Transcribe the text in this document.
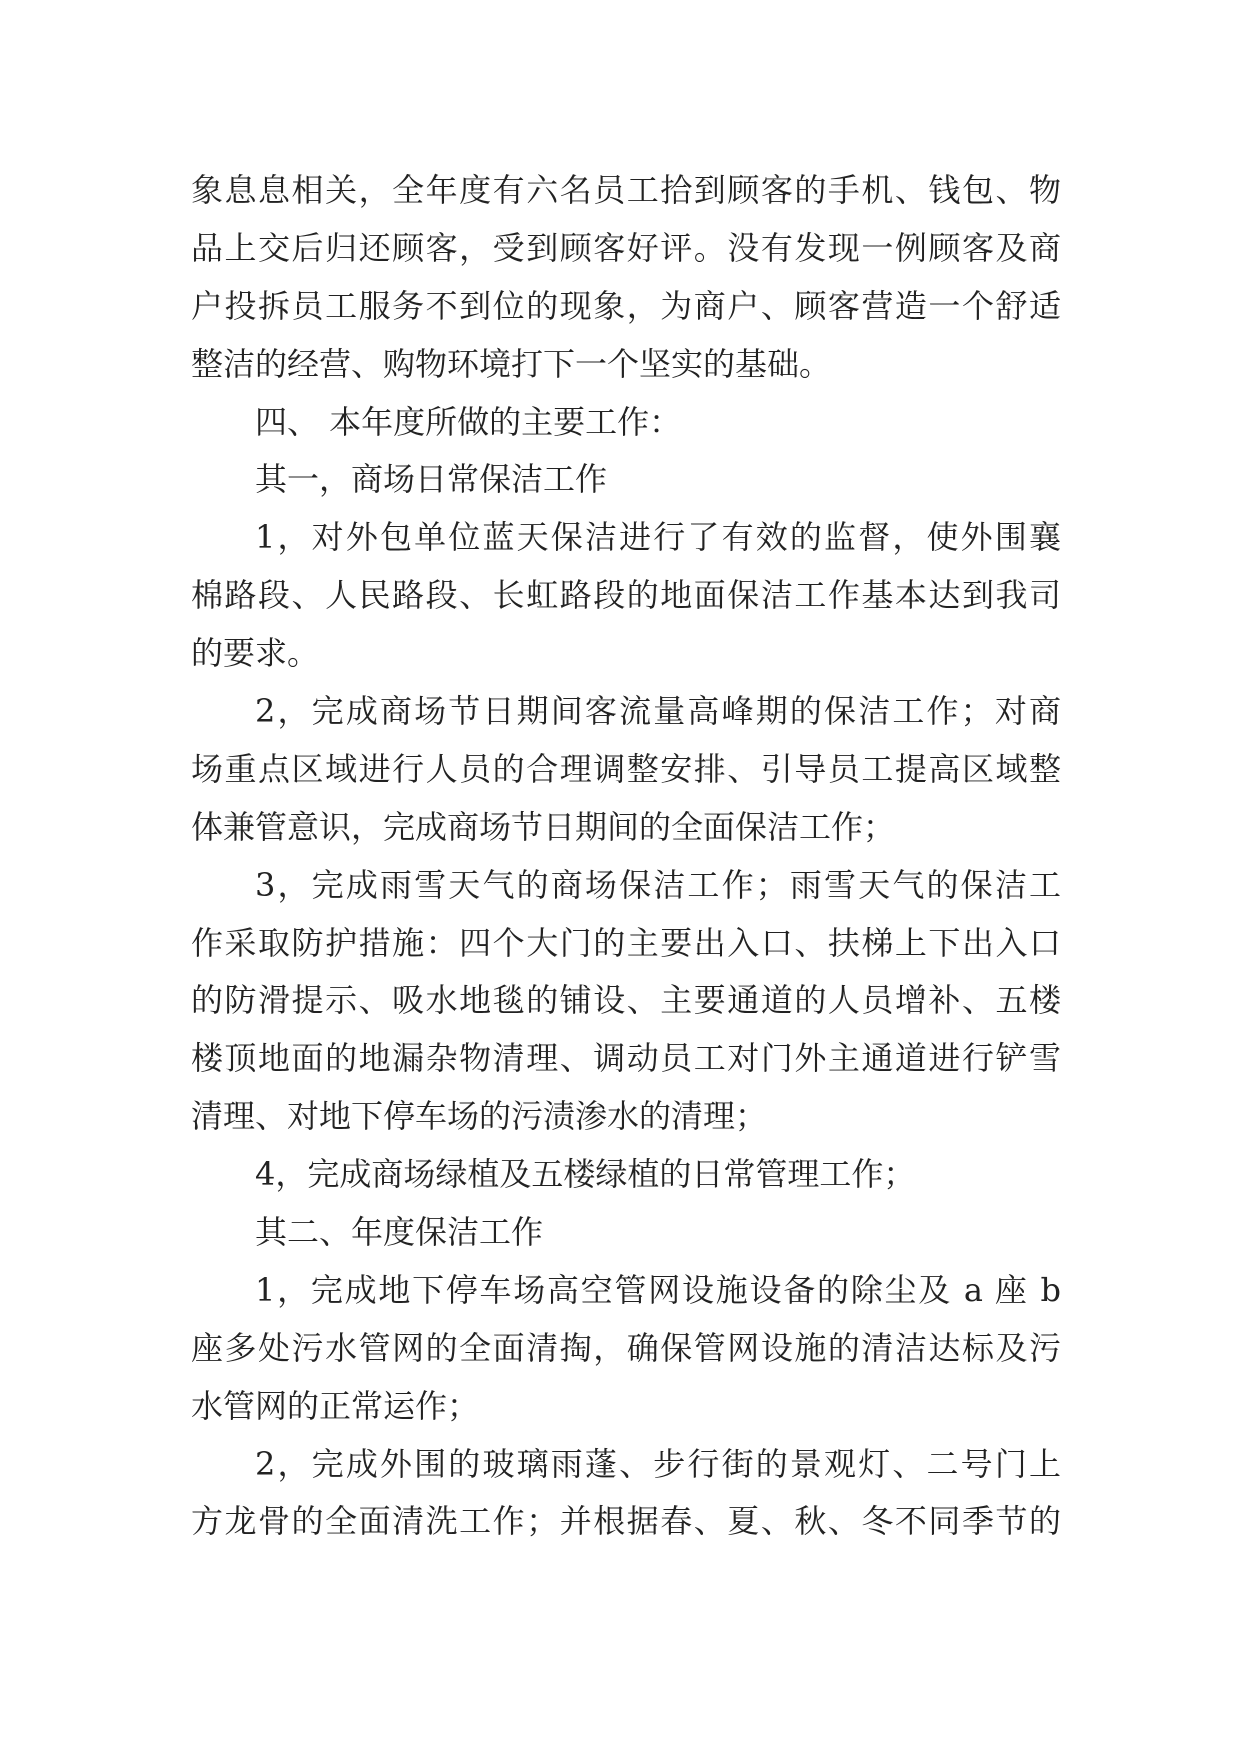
象息息相关，全年度有六名员工拾到顾客的手机、钱包、物
品上交后归还顾客，受到顾客好评。没有发现一例顾客及商
户投拆员工服务不到位的现象，为商户、顾客营造一个舒适
整洁的经营、购物环境打下一个坚实的基础。
四、 本年度所做的主要工作：
其一，商场日常保洁工作
1，对外包单位蓝天保洁进行了有效的监督，使外围襄
棉路段、人民路段、长虹路段的地面保洁工作基本达到我司
的要求。
2，完成商场节日期间客流量高峰期的保洁工作；对商
场重点区域进行人员的合理调整安排、引导员工提高区域整
体兼管意识，完成商场节日期间的全面保洁工作；
3，完成雨雪天气的商场保洁工作；雨雪天气的保洁工
作采取防护措施：四个大门的主要出入口、扶梯上下出入口
的防滑提示、吸水地毯的铺设、主要通道的人员增补、五楼
楼顶地面的地漏杂物清理、调动员工对门外主通道进行铲雪
清理、对地下停车场的污渍渗水的清理；
4，完成商场绿植及五楼绿植的日常管理工作；
其二、年度保洁工作
1，完成地下停车场高空管网设施设备的除尘及 a 座 b
座多处污水管网的全面清掏，确保管网设施的清洁达标及污
水管网的正常运作；
2，完成外围的玻璃雨蓬、步行街的景观灯、二号门上
方龙骨的全面清洗工作；并根据春、夏、秋、冬不同季节的
